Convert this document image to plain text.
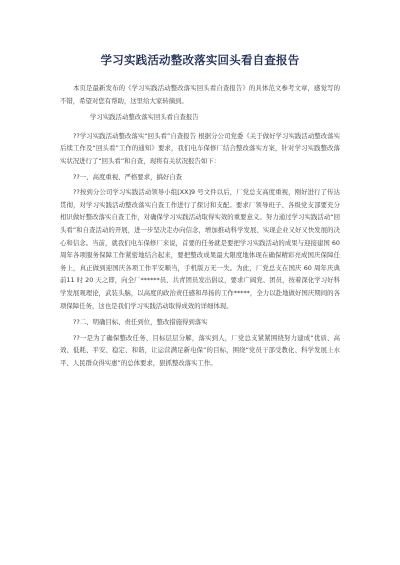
学习实践活动整改落实回头看自查报告

本页是最新发布的《学习实践活动整改落实回头看自查报告》的具体范文参考文章，感觉写的不错，希望对您有帮助，这里给大家转摘到。

学习实践活动整改落实回头看自查报告

??学习实践活动整改落实“回头看”自查报告 根据分公司党委《关于做好学习实践活动整改落实后续工作及“回头看”工作的通知》要求，我们电车保修厂结合整改落实方案，针对学习实践整改落实状况进行了“回头看”和自查，现将有关状况报告如下：

??一、高度重视、严格要求，搞好自查

??按到分公司学习实践活动领导小组[XX]9 号文件以后，厂党总支高度重视，刚好进行了传达贯彻，对学习实践活动整改落实自查工作进行了探讨和支配。要求厂领导班子、各级党支部要充分相识做好整改落实自查工作，对确保学习实践活动取得实效的重要意义。努力通过学习实践活动“回头看”和自查活动的开展，进一步坚决走办向信念，增加推动科学发展、实现企业又好又快发展的决心和信念。当前，就我们电车保修厂来说，首要的任务就是要把学习实践活动的成果与迎接建国 60 周年各项服务保障工作紧密地结合起来，要把整改成果最大限度地体现在确保精彩亮成国庆保障任务上，真正做到迎国庆各项工作平安顺当，手机版万无一失。为此，厂党总支在国庆 60 周年庆典前11 时 20 天之即，向全厂******员、共青团员发出倡议，要求广阔党、团员，按着深化学习好科学发展观理论，武装头脑，以高度的政治责任感和昂扬的工作*****，全力以赴地做好国庆期间的各项保障任务，这也是我们学习实践活动取得成效的详细体现。

??二、明确目标、责任到位，整改措施得到落实

??一是为了确保整改任务、目标层层分解，落实到人，厂党总支紧紧围绕努力建成“优质、高效、低耗、平安、稳定、和谐，让运营满足新电保”的目标，围绕“党员干部受教化、科学发展上水平、人民群众得实惠”的总体要求，狠抓整改落实工作。
